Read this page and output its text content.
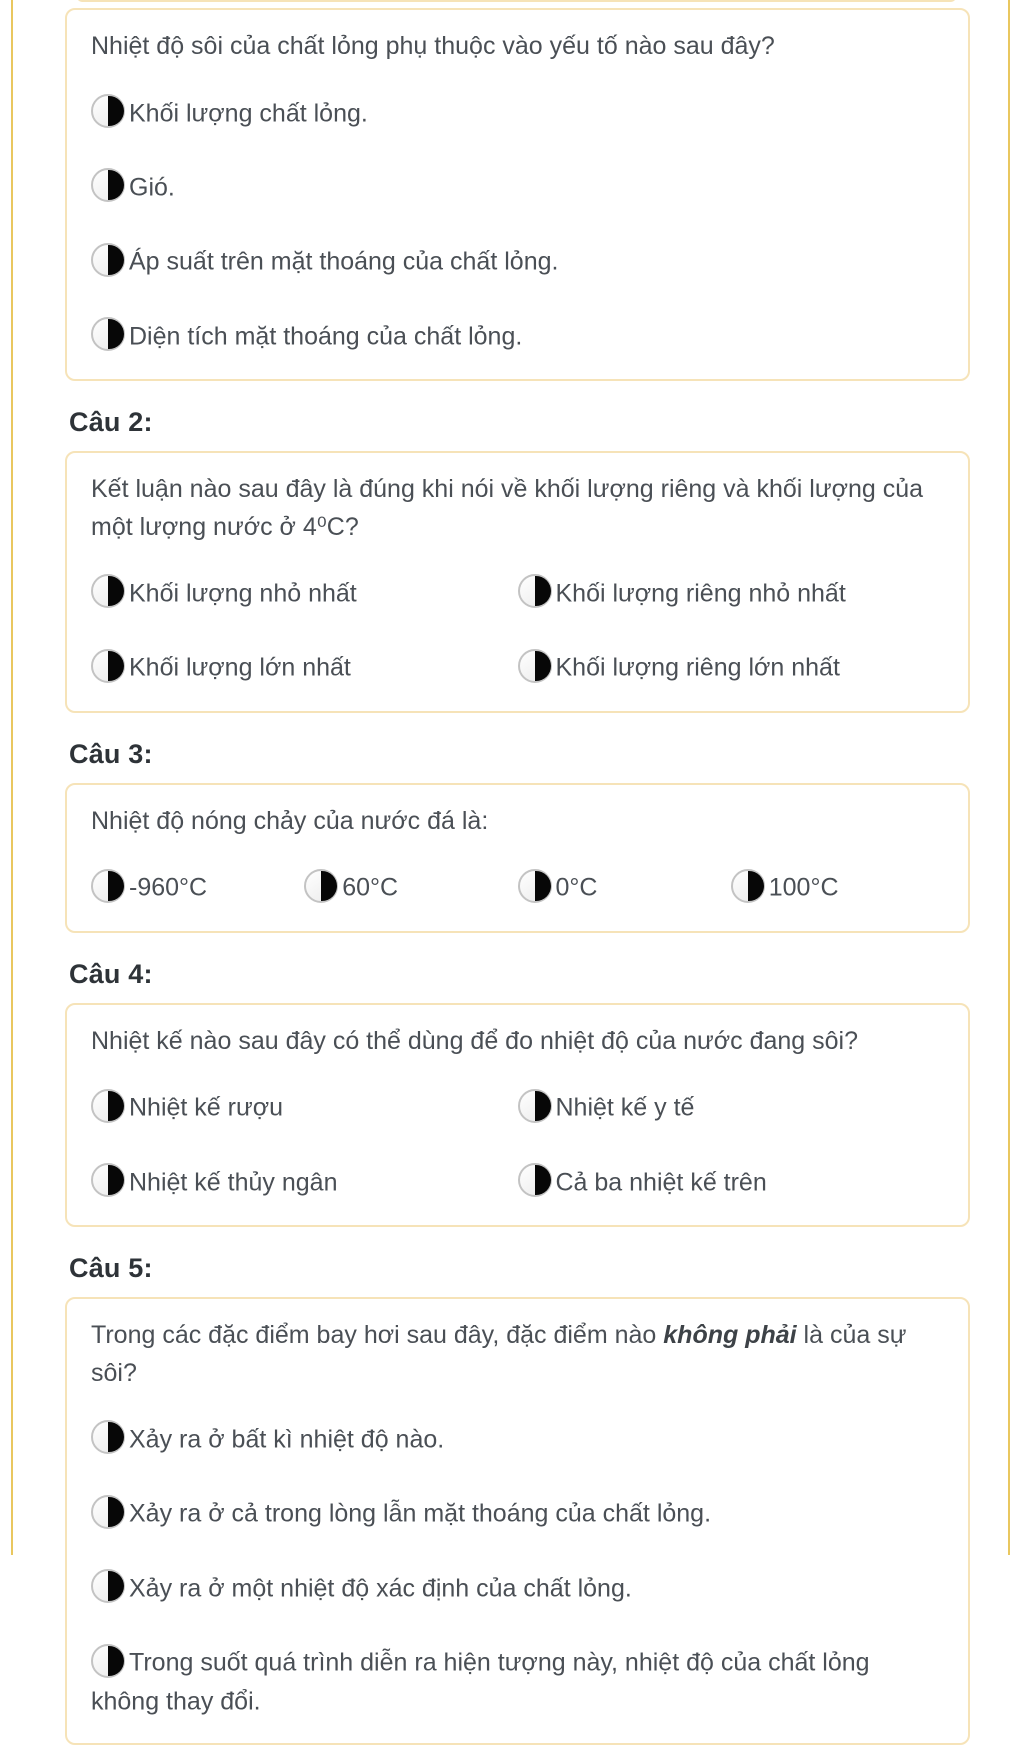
Nhiệt độ sôi của chất lỏng phụ thuộc vào yếu tố nào sau đây?
Khối lượng chất lỏng.
Gió.
Áp suất trên mặt thoáng của chất lỏng.
Diện tích mặt thoáng của chất lỏng.
Câu 2:
Kết luận nào sau đây là đúng khi nói về khối lượng riêng và khối lượng của một lượng nước ở 4⁰C?
Khối lượng nhỏ nhất	Khối lượng riêng nhỏ nhất
Khối lượng lớn nhất	Khối lượng riêng lớn nhất
Câu 3:
Nhiệt độ nóng chảy của nước đá là:
-960°C	60°C	0°C	100°C
Câu 4:
Nhiệt kế nào sau đây có thể dùng để đo nhiệt độ của nước đang sôi?
Nhiệt kế rượu	Nhiệt kế y tế
Nhiệt kế thủy ngân	Cả ba nhiệt kế trên
Câu 5:
Trong các đặc điểm bay hơi sau đây, đặc điểm nào không phải là của sự sôi?
Xảy ra ở bất kì nhiệt độ nào.
Xảy ra ở cả trong lòng lẫn mặt thoáng của chất lỏng.
Xảy ra ở một nhiệt độ xác định của chất lỏng.
Trong suốt quá trình diễn ra hiện tượng này, nhiệt độ của chất lỏng không thay đổi.
